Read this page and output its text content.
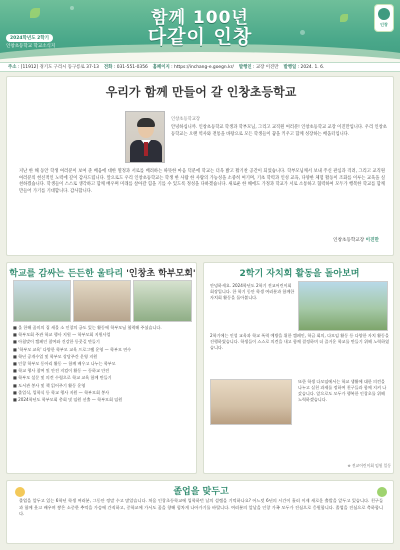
함께 100년
다같이 인창
2024학년도 2학기
인창초등학교 학교소식지
인창
주소 : [11912] 경기도 구리시 동구릉로 37-13 전화 : 031-551-0356 홈페이지 : https://inchang-e.goegn.kr/ 발행인 : 교장 이진만 발행일 : 2024. 1. 6.
우리가 함께 만들어 갈 인창초등학교
인창초등학교장
안녕하십니까. 인창초등학교 학생과 학부모님, 그리고 교직원 여러분! 인창초등학교 교장 이진만입니다. 우리 인창초등학교는 오랜 역사와 전통을 바탕으로 모든 학생들이 꿈을 키우고 함께 성장하는 배움터입니다.
지난 한 해 동안 학생 여러분이 보여 준 배움에 대한 열정과 서로를 배려하는 따뜻한 마음 덕분에 학교는 더욱 밝고 활기찬 공간이 되었습니다. 학부모님께서 보내 주신 관심과 격려, 그리고 교직원 여러분의 헌신적인 노력에 깊이 감사드립니다. 앞으로도 우리 인창초등학교는 학생 한 사람 한 사람의 가능성을 소중히 여기며, 기초 학력과 인성 교육, 다양한 체험 활동이 조화를 이루는 교육을 실천하겠습니다. 학생들이 스스로 생각하고 함께 배우며 미래를 살아갈 힘을 기를 수 있도록 정성을 다하겠습니다. 새로운 한 해에도 가정과 학교가 서로 소통하고 협력하여 모두가 행복한 학교를 함께 만들어 가기를 기대합니다. 감사합니다.
인창초등학교장 이진만
학교를 감싸는 든든한 울타리 '인창초 학부모회'
■ 올 한해 꿈미의 집 새물 소 인창의 궁도 있는 활동에 학부모님 협력해 주셨습니다.
■ 학부모회 주관 학교 행사 지원 — 학부모회 지원사업
■ 아침맞이 캠페인 참여와 건강한 등굣길 만들기
■ '학부모 교육' 다양한 학부모 교육 프로그램 운영 — 학부모 연수
■ 학년 공개수업 및 학부모 상담주간 운영 지원
■ 인창 학부모 동아리 활동 — 함께 배우고 나누는 학부모
■ 학교 행사 참여 및 안전 지킴이 활동 — 등하교 안전
■ 학부모 설문 및 의견 수렴으로 학교 교육 함께 만들기
■ 도서관 봉사 및 책 읽어주기 활동 운영
■ 졸업식, 입학식 등 학교 행사 지원 — 학부모회 봉사
■ 2024학년도 학부모회 총회 및 임원 선출 — 학부모회 임원
2학기 자치회 활동을 돌아보며
안녕하세요. 2024학년도 2학기 전교어린이회 회장입니다. 한 학기 동안 학생 여러분과 함께한 자치회 활동을 돌아봅니다.
2학기에는 인성 교육과 학교 폭력 예방을 위한 캠페인, 학급 회의, 다모임 활동 등 다양한 자치 활동을 진행하였습니다. 학생들이 스스로 의견을 내고 함께 결정하며 더 즐거운 학교를 만들기 위해 노력하였습니다.
또한 학생 다모임에서는 학교 생활에 대한 의견을 나누고 실천 과제를 정하여 친구들과 함께 지켜 나갔습니다. 앞으로도 모두가 행복한 인창초를 위해 노력하겠습니다.
※ 전교어린이회 임원 일동
졸업을 맞두고
졸업을 앞두고 있는 6학년 학생 여러분, 그동안 정말 수고 많았습니다. 처음 인창초등학교에 입학하던 날의 설렘을 기억하나요? 어느덧 6년의 시간이 흘러 이제 새로운 출발을 앞두고 있습니다. 친구들과 함께 웃고 배우며 쌓은 소중한 추억을 가슴에 간직하고, 중학교에 가서도 꿈을 향해 힘차게 나아가기를 바랍니다. 여러분의 앞날을 인창 가족 모두가 진심으로 응원합니다. 졸업을 진심으로 축하합니다.
